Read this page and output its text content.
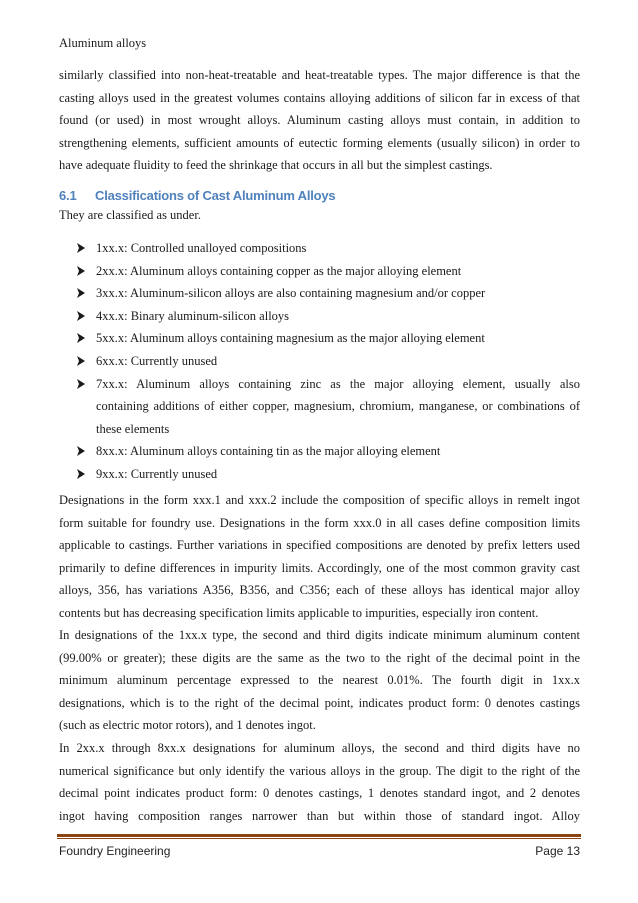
Aluminum alloys
similarly classified into non-heat-treatable and heat-treatable types. The major difference is that the
casting alloys used in the greatest volumes contains alloying additions of silicon far in excess of that
found (or used) in most wrought alloys. Aluminum casting alloys must contain, in addition to
strengthening elements, sufficient amounts of eutectic forming elements (usually silicon) in order to
have adequate fluidity to feed the shrinkage that occurs in all but the simplest castings.
6.1 Classifications of Cast Aluminum Alloys
They are classified as under.
1xx.x: Controlled unalloyed compositions
2xx.x: Aluminum alloys containing copper as the major alloying element
3xx.x: Aluminum-silicon alloys are also containing magnesium and/or copper
4xx.x: Binary aluminum-silicon alloys
5xx.x: Aluminum alloys containing magnesium as the major alloying element
6xx.x: Currently unused
7xx.x: Aluminum alloys containing zinc as the major alloying element, usually also
containing additions of either copper, magnesium, chromium, manganese, or combinations of
these elements
8xx.x: Aluminum alloys containing tin as the major alloying element
9xx.x: Currently unused
Designations in the form xxx.1 and xxx.2 include the composition of specific alloys in remelt ingot
form suitable for foundry use. Designations in the form xxx.0 in all cases define composition limits
applicable to castings. Further variations in specified compositions are denoted by prefix letters used
primarily to define differences in impurity limits. Accordingly, one of the most common gravity cast
alloys, 356, has variations A356, B356, and C356; each of these alloys has identical major alloy
contents but has decreasing specification limits applicable to impurities, especially iron content.
In designations of the 1xx.x type, the second and third digits indicate minimum aluminum content
(99.00% or greater); these digits are the same as the two to the right of the decimal point in the
minimum aluminum percentage expressed to the nearest 0.01%. The fourth digit in 1xx.x
designations, which is to the right of the decimal point, indicates product form: 0 denotes castings
(such as electric motor rotors), and 1 denotes ingot.
In 2xx.x through 8xx.x designations for aluminum alloys, the second and third digits have no
numerical significance but only identify the various alloys in the group. The digit to the right of the
decimal point indicates product form: 0 denotes castings, 1 denotes standard ingot, and 2 denotes
ingot having composition ranges narrower than but within those of standard ingot. Alloy
Foundry Engineering	Page 13
